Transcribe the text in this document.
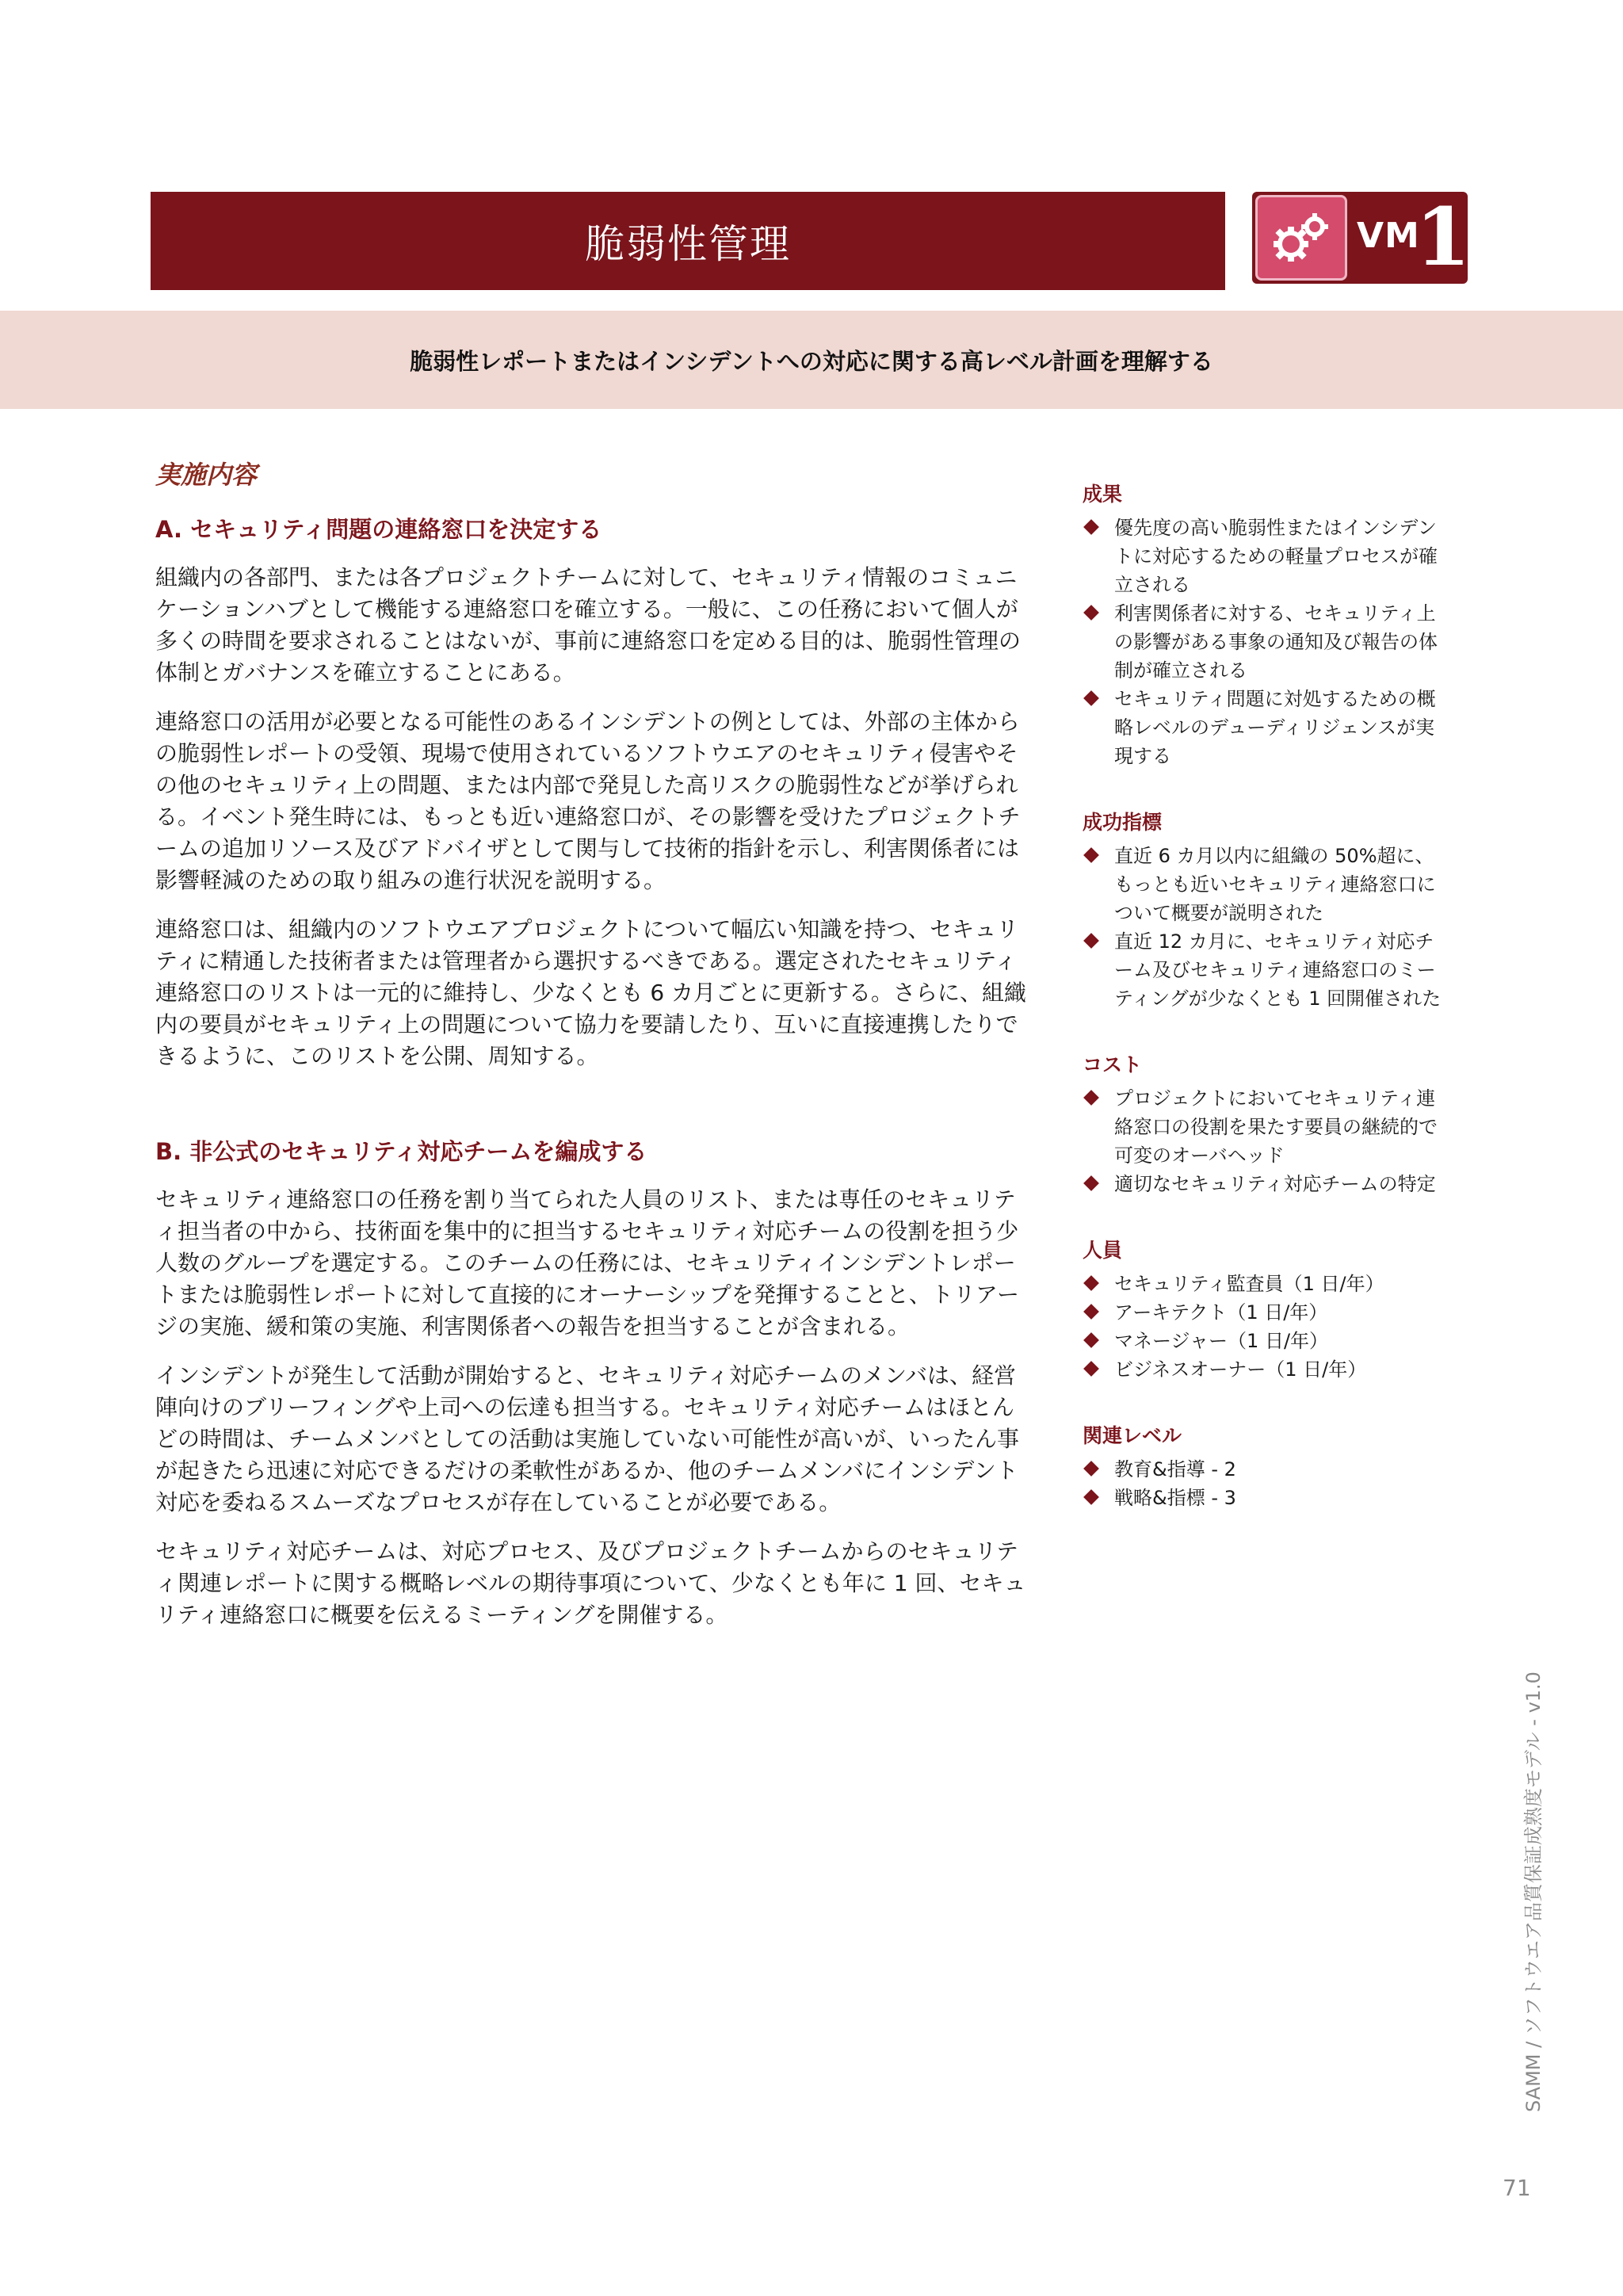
脆弱性管理	VM
1

脆弱性レポートまたはインシデントへの対応に関する高レベル計画を理解する

実施内容
A. セキュリティ問題の連絡窓口を決定する

組織内の各部門、または各プロジェクトチームに対して、セキュリティ情報のコミュニケーションハブとして機能する連絡窓口を確立する。一般に、この任務において個人が多くの時間を要求されることはないが、事前に連絡窓口を定める目的は、脆弱性管理の体制とガバナンスを確立することにある。

連絡窓口の活用が必要となる可能性のあるインシデントの例としては、外部の主体からの脆弱性レポートの受領、現場で使用されているソフトウエアのセキュリティ侵害やその他のセキュリティ上の問題、または内部で発見した高リスクの脆弱性などが挙げられる。イベント発生時には、もっとも近い連絡窓口が、その影響を受けたプロジェクトチームの追加リソース及びアドバイザとして関与して技術的指針を示し、利害関係者には影響軽減のための取り組みの進行状況を説明する。

連絡窓口は、組織内のソフトウエアプロジェクトについて幅広い知識を持つ、セキュリティに精通した技術者または管理者から選択するべきである。選定されたセキュリティ連絡窓口のリストは一元的に維持し、少なくとも 6 カ月ごとに更新する。さらに、組織内の要員がセキュリティ上の問題について協力を要請したり、互いに直接連携したりできるように、このリストを公開、周知する。

B. 非公式のセキュリティ対応チームを編成する

セキュリティ連絡窓口の任務を割り当てられた人員のリスト、または専任のセキュリティ担当者の中から、技術面を集中的に担当するセキュリティ対応チームの役割を担う少人数のグループを選定する。このチームの任務には、セキュリティインシデントレポートまたは脆弱性レポートに対して直接的にオーナーシップを発揮することと、トリアージの実施、緩和策の実施、利害関係者への報告を担当することが含まれる。

インシデントが発生して活動が開始すると、セキュリティ対応チームのメンバは、経営陣向けのブリーフィングや上司への伝達も担当する。セキュリティ対応チームはほとんどの時間は、チームメンバとしての活動は実施していない可能性が高いが、いったん事が起きたら迅速に対応できるだけの柔軟性があるか、他のチームメンバにインシデント対応を委ねるスムーズなプロセスが存在していることが必要である。

セキュリティ対応チームは、対応プロセス、及びプロジェクトチームからのセキュリティ関連レポートに関する概略レベルの期待事項について、少なくとも年に 1 回、セキュリティ連絡窓口に概要を伝えるミーティングを開催する。

成果
優先度の高い脆弱性またはインシデントに対応するための軽量プロセスが確立される
利害関係者に対する、セキュリティ上の影響がある事象の通知及び報告の体制が確立される
セキュリティ問題に対処するための概略レベルのデューディリジェンスが実現する
成功指標
直近 6 カ月以内に組織の 50%超に、もっとも近いセキュリティ連絡窓口について概要が説明された
直近 12 カ月に、セキュリティ対応チーム及びセキュリティ連絡窓口のミーティングが少なくとも 1 回開催された
コスト
プロジェクトにおいてセキュリティ連絡窓口の役割を果たす要員の継続的で可変のオーバヘッド
適切なセキュリティ対応チームの特定
人員
セキュリティ監査員（1 日/年）
アーキテクト（1 日/年）
マネージャー（1 日/年）
ビジネスオーナー（1 日/年）
関連レベル
教育&指導 - 2
戦略&指標 - 3
SAMM / ソフトウエア品質保証成熟度モデル - v1.0
71
